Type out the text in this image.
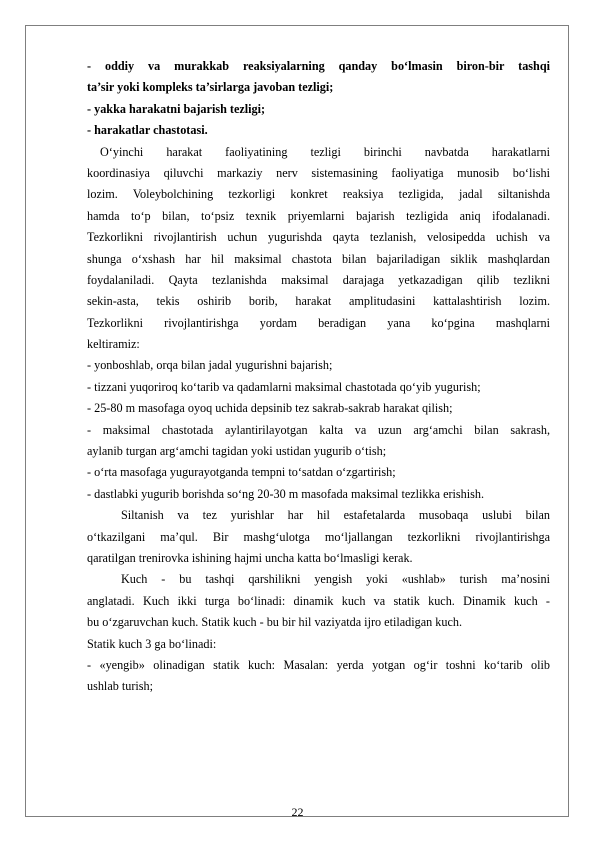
- oddiy va murakkab reaksiyalarning qanday bo‘lmasin biron-bir tashqi
ta’sir yoki kompleks ta’sirlarga javoban tezligi;
- yakka harakatni bajarish tezligi;
- harakatlar chastotasi.
O‘yinchi harakat faoliyatining tezligi birinchi navbatda harakatlarni
koordinasiya qiluvchi markaziy nerv sistemasining faoliyatiga munosib bo‘lishi
lozim. Voleybolchining tezkorligi konkret reaksiya tezligida, jadal siltanishda
hamda to‘p bilan, to‘psiz texnik priyemlarni bajarish tezligida aniq ifodalanadi.
Tezkorlikni rivojlantirish uchun yugurishda qayta tezlanish, velosipedda uchish va
shunga o‘xshash har hil maksimal chastota bilan bajariladigan siklik mashqlardan
foydalaniladi. Qayta tezlanishda maksimal darajaga yetkazadigan qilib tezlikni
sekin-asta, tekis oshirib borib, harakat amplitudasini kattalashtirish lozim.
Tezkorlikni rivojlantirishga yordam beradigan yana ko‘pgina mashqlarni
keltiramiz:
- yonboshlab, orqa bilan jadal yugurishni bajarish;
- tizzani yuqoriroq ko‘tarib va qadamlarni maksimal chastotada qo‘yib yugurish;
- 25-80 m masofaga oyoq uchida depsinib tez sakrab-sakrab harakat qilish;
- maksimal chastotada aylantirilayotgan kalta va uzun arg‘amchi bilan sakrash,
aylanib turgan arg‘amchi tagidan yoki ustidan yugurib o‘tish;
- o‘rta masofaga yugurayotganda tempni to‘satdan o‘zgartirish;
- dastlabki yugurib borishda so‘ng 20-30 m masofada maksimal tezlikka erishish.
Siltanish va tez yurishlar har hil estafetalarda musobaqa uslubi bilan
o‘tkazilgani ma’qul. Bir mashg‘ulotga mo‘ljallangan tezkorlikni rivojlantirishga
qaratilgan trenirovka ishining hajmi uncha katta bo‘lmasligi kerak.
Kuch - bu tashqi qarshilikni yengish yoki «ushlab» turish ma’nosini
anglatadi. Kuch ikki turga bo‘linadi: dinamik kuch va statik kuch. Dinamik kuch -
bu o‘zgaruvchan kuch. Statik kuch - bu bir hil vaziyatda ijro etiladigan kuch.
Statik kuch 3 ga bo‘linadi:
- «yengib» olinadigan statik kuch: Masalan: yerda yotgan og‘ir toshni ko‘tarib olib
ushlab turish;
22
